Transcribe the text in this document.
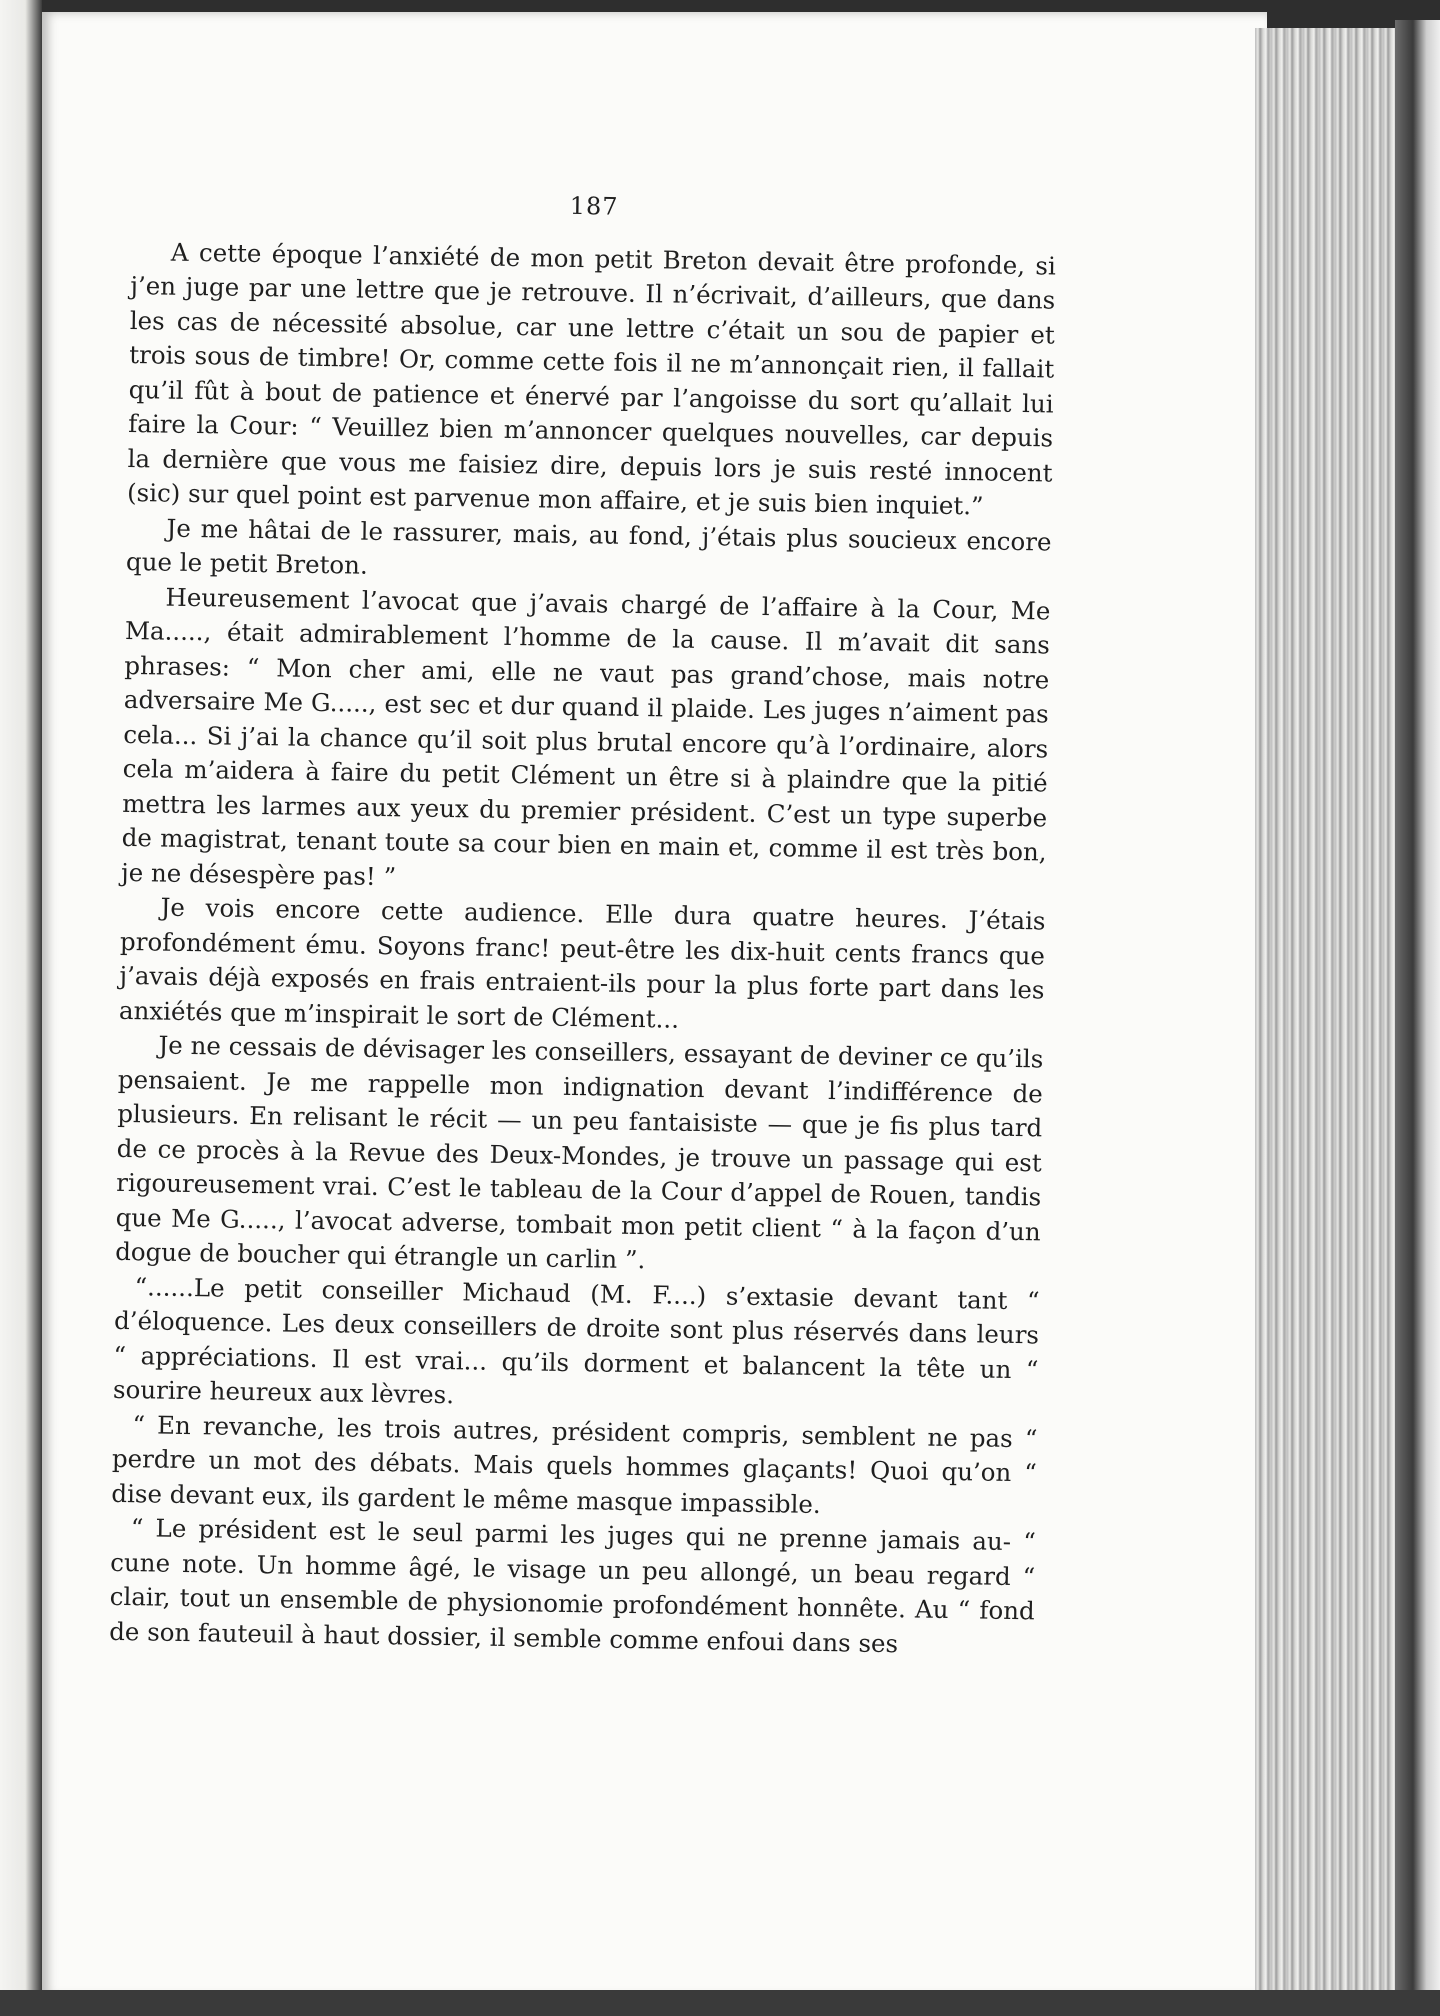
187

A cette époque l’anxiété de mon petit Breton devait être profonde, si j’en juge par une lettre que je retrouve. Il n’écrivait, d’ailleurs, que dans les cas de nécessité absolue, car une lettre c’était un sou de papier et trois sous de timbre! Or, comme cette fois il ne m’annonçait rien, il fallait qu’il fût à bout de patience et énervé par l’angoisse du sort qu’allait lui faire la Cour: “ Veuillez bien m’annoncer quelques nouvelles, car depuis la dernière que vous me faisiez dire, depuis lors je suis resté innocent (sic) sur quel point est parvenue mon affaire, et je suis bien inquiet.”

Je me hâtai de le rassurer, mais, au fond, j’étais plus soucieux encore que le petit Breton.

Heureusement l’avocat que j’avais chargé de l’affaire à la Cour, Me Ma....., était admirablement l’homme de la cause. Il m’avait dit sans phrases: “ Mon cher ami, elle ne vaut pas grand’chose, mais notre adversaire Me G....., est sec et dur quand il plaide. Les juges n’aiment pas cela... Si j’ai la chance qu’il soit plus brutal encore qu’à l’ordinaire, alors cela m’aidera à faire du petit Clément un être si à plaindre que la pitié mettra les larmes aux yeux du premier président. C’est un type superbe de magistrat, tenant toute sa cour bien en main et, comme il est très bon, je ne désespère pas! ”

Je vois encore cette audience. Elle dura quatre heures. J’étais profondément ému. Soyons franc! peut-être les dix-huit cents francs que j’avais déjà exposés en frais entraient-ils pour la plus forte part dans les anxiétés que m’inspirait le sort de Clément...

Je ne cessais de dévisager les conseillers, essayant de deviner ce qu’ils pensaient. Je me rappelle mon indignation devant l’indifférence de plusieurs. En relisant le récit — un peu fantaisiste — que je fis plus tard de ce procès à la Revue des Deux-Mondes, je trouve un passage qui est rigoureusement vrai. C’est le tableau de la Cour d’appel de Rouen, tandis que Me G....., l’avocat adverse, tombait mon petit client “ à la façon d’un dogue de boucher qui étrangle un carlin ”.

“......Le petit conseiller Michaud (M. F....) s’extasie devant tant “ d’éloquence. Les deux conseillers de droite sont plus réservés dans leurs “ appréciations. Il est vrai... qu’ils dorment et balancent la tête un “ sourire heureux aux lèvres.

“ En revanche, les trois autres, président compris, semblent ne pas “ perdre un mot des débats. Mais quels hommes glaçants! Quoi qu’on “ dise devant eux, ils gardent le même masque impassible.

“ Le président est le seul parmi les juges qui ne prenne jamais au- “ cune note. Un homme âgé, le visage un peu allongé, un beau regard “ clair, tout un ensemble de physionomie profondément honnête. Au “ fond de son fauteuil à haut dossier, il semble comme enfoui dans ses
